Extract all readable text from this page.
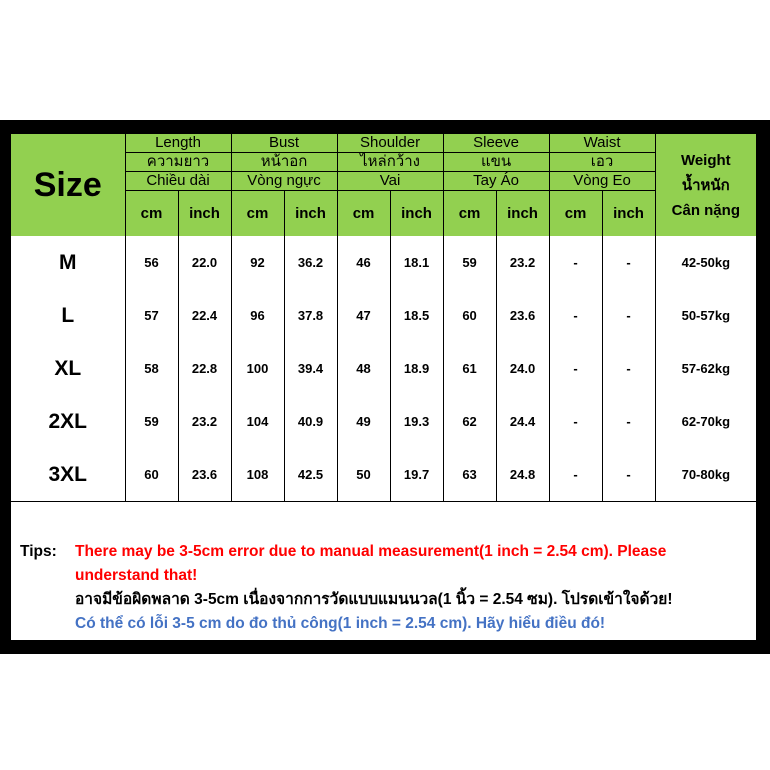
Size	Length		Bust		Shoulder		Sleeve		Waist		Weight
น้ำหนัก
Cân nặng

	ความยาว		หน้าอก		ไหล่กว้าง		แขน		เอว		
	Chiều dài		Vòng ngực		Vai		Tay Áo		Vòng Eo		
	cm	inch	cm	inch	cm	inch	cm	inch	cm	inch	
M	56	22.0	92	36.2	46	18.1	59	23.2	-	-	42-50kg
L	57	22.4	96	37.8	47	18.5	60	23.6	-	-	50-57kg
XL	58	22.8	100	39.4	48	18.9	61	24.0	-	-	57-62kg
2XL	59	23.2	104	40.9	49	19.3	62	24.4	-	-	62-70kg
3XL	60	23.6	108	42.5	50	19.7	63	24.8	-	-	70-80kg
Tips: There may be 3-5cm error due to manual measurement(1 inch = 2.54 cm). Please
understand that!
อาจมีข้อผิดพลาด 3-5cm เนื่องจากการวัดแบบแมนนวล(1 นิ้ว = 2.54 ซม). โปรดเข้าใจด้วย!
Có thể có lỗi 3-5 cm do đo thủ công(1 inch = 2.54 cm). Hãy hiểu điều đó!
